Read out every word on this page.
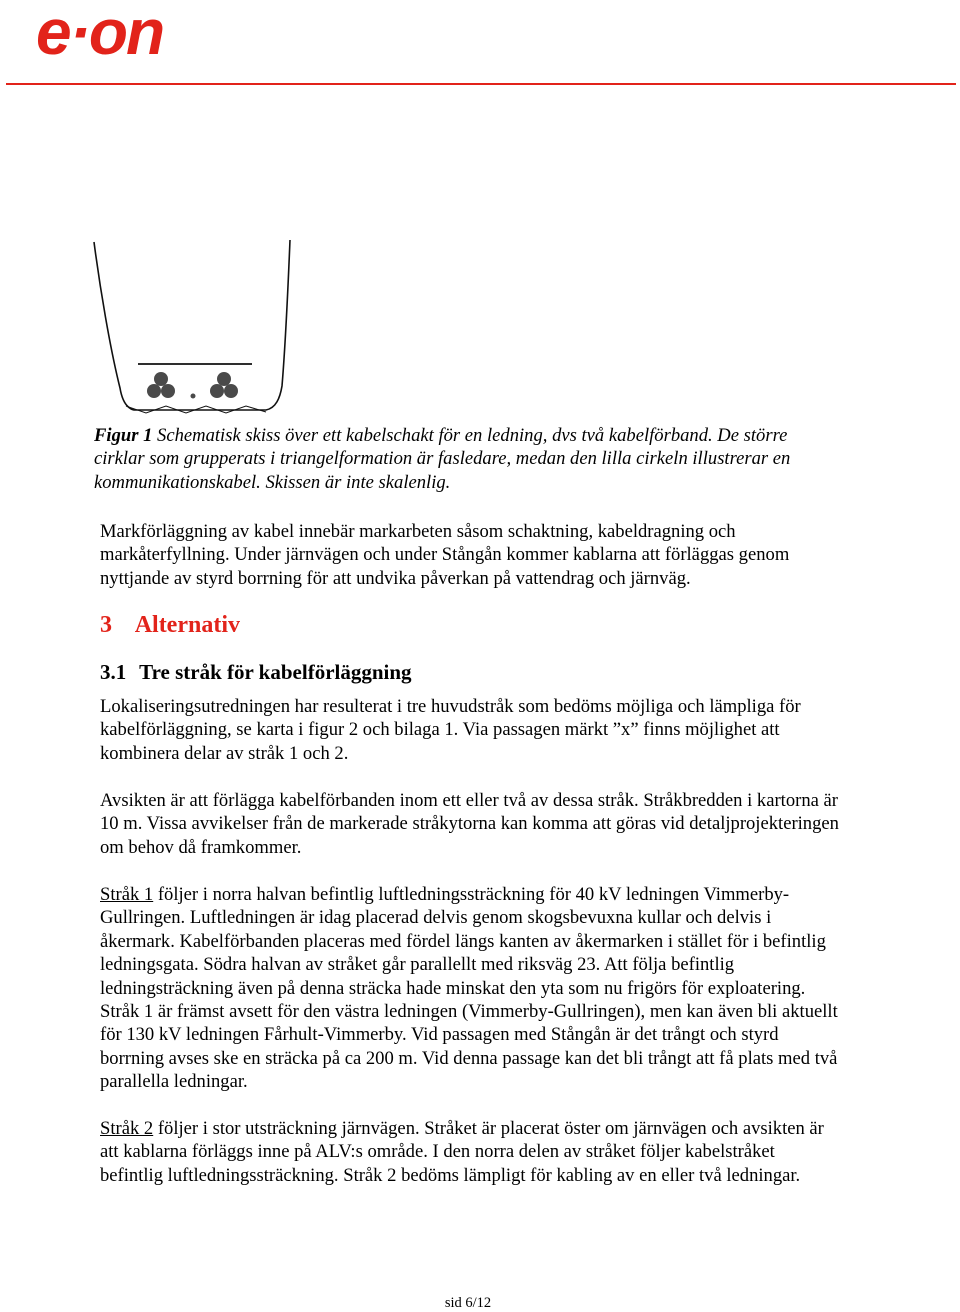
e·on
Figur 1 Schematisk skiss över ett kabelschakt för en ledning, dvs två kabelförband. De större cirklar som grupperats i triangelformation är fasledare, medan den lilla cirkeln illustrerar en kommunikationskabel. Skissen är inte skalenlig.
Markförläggning av kabel innebär markarbeten såsom schaktning, kabeldragning och markåterfyllning. Under järnvägen och under Stångån kommer kablarna att förläggas genom nyttjande av styrd borrning för att undvika påverkan på vattendrag och järnväg.
3 Alternativ
3.1 Tre stråk för kabelförläggning
Lokaliseringsutredningen har resulterat i tre huvudstråk som bedöms möjliga och lämpliga för kabelförläggning, se karta i figur 2 och bilaga 1. Via passagen märkt ”x” finns möjlighet att kombinera delar av stråk 1 och 2.
Avsikten är att förlägga kabelförbanden inom ett eller två av dessa stråk. Stråkbredden i kartorna är 10 m. Vissa avvikelser från de markerade stråkytorna kan komma att göras vid detaljprojekteringen om behov då framkommer.
Stråk 1 följer i norra halvan befintlig luftledningssträckning för 40 kV ledningen Vimmerby- Gullringen. Luftledningen är idag placerad delvis genom skogsbevuxna kullar och delvis i åkermark. Kabelförbanden placeras med fördel längs kanten av åkermarken i stället för i befintlig ledningsgata. Södra halvan av stråket går parallellt med riksväg 23. Att följa befintlig ledningsträckning även på denna sträcka hade minskat den yta som nu frigörs för exploatering. Stråk 1 är främst avsett för den västra ledningen (Vimmerby-Gullringen), men kan även bli aktuellt för 130 kV ledningen Fårhult-Vimmerby. Vid passagen med Stångån är det trångt och styrd borrning avses ske en sträcka på ca 200 m. Vid denna passage kan det bli trångt att få plats med två parallella ledningar.
Stråk 2 följer i stor utsträckning järnvägen. Stråket är placerat öster om järnvägen och avsikten är att kablarna förläggs inne på ALV:s område. I den norra delen av stråket följer kabelstråket befintlig luftledningssträckning. Stråk 2 bedöms lämpligt för kabling av en eller två ledningar.
sid 6/12
